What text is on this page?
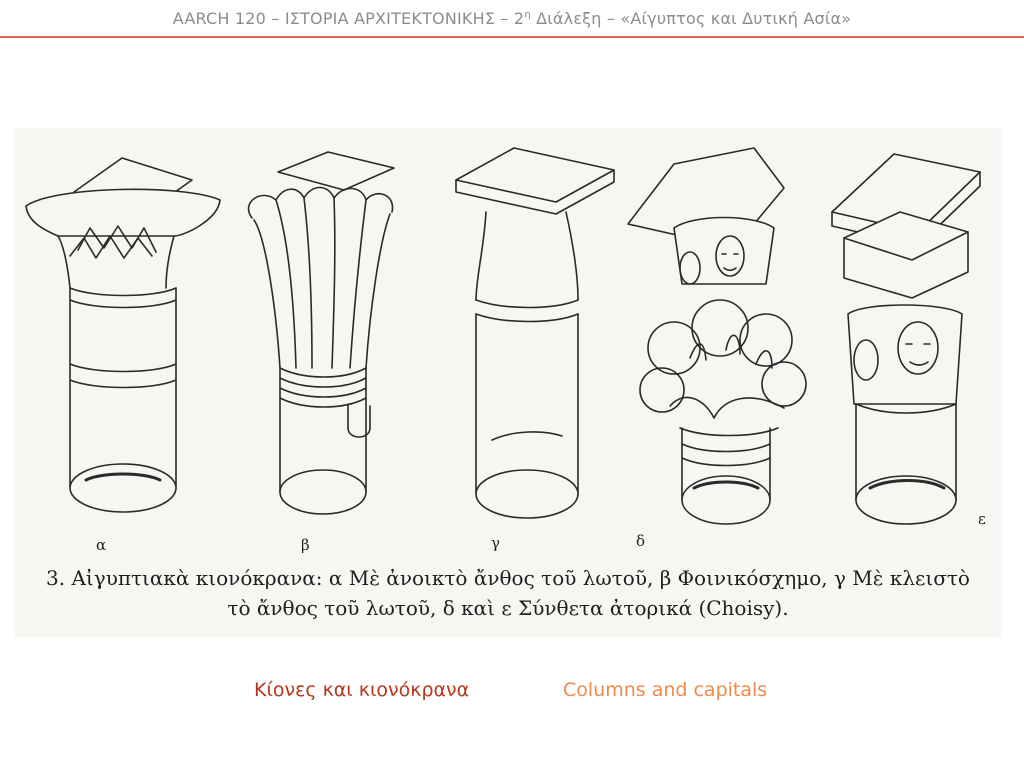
AARCH 120 – ΙΣΤΟΡΙΑ ΑΡΧΙΤΕΚΤΟΝΙΚΗΣ – $2^\eta$ Διάλεξη – «Αίγυπτος και Δυτική Ασία»
α	β	γ	δ
ε
3. Αἰγυπτιακὰ κιονόκρανα: α Μὲ ἀνοικτὸ ἄνθος τοῦ λωτοῦ, β Φοινικόσχημο, γ Μὲ κλειστὸ
τὸ ἄνθος τοῦ λωτοῦ, δ καὶ ε Σύνθετα ἀτορικά (Choisy).
Κίονες και κιονόκρανα	Columns and capitals
